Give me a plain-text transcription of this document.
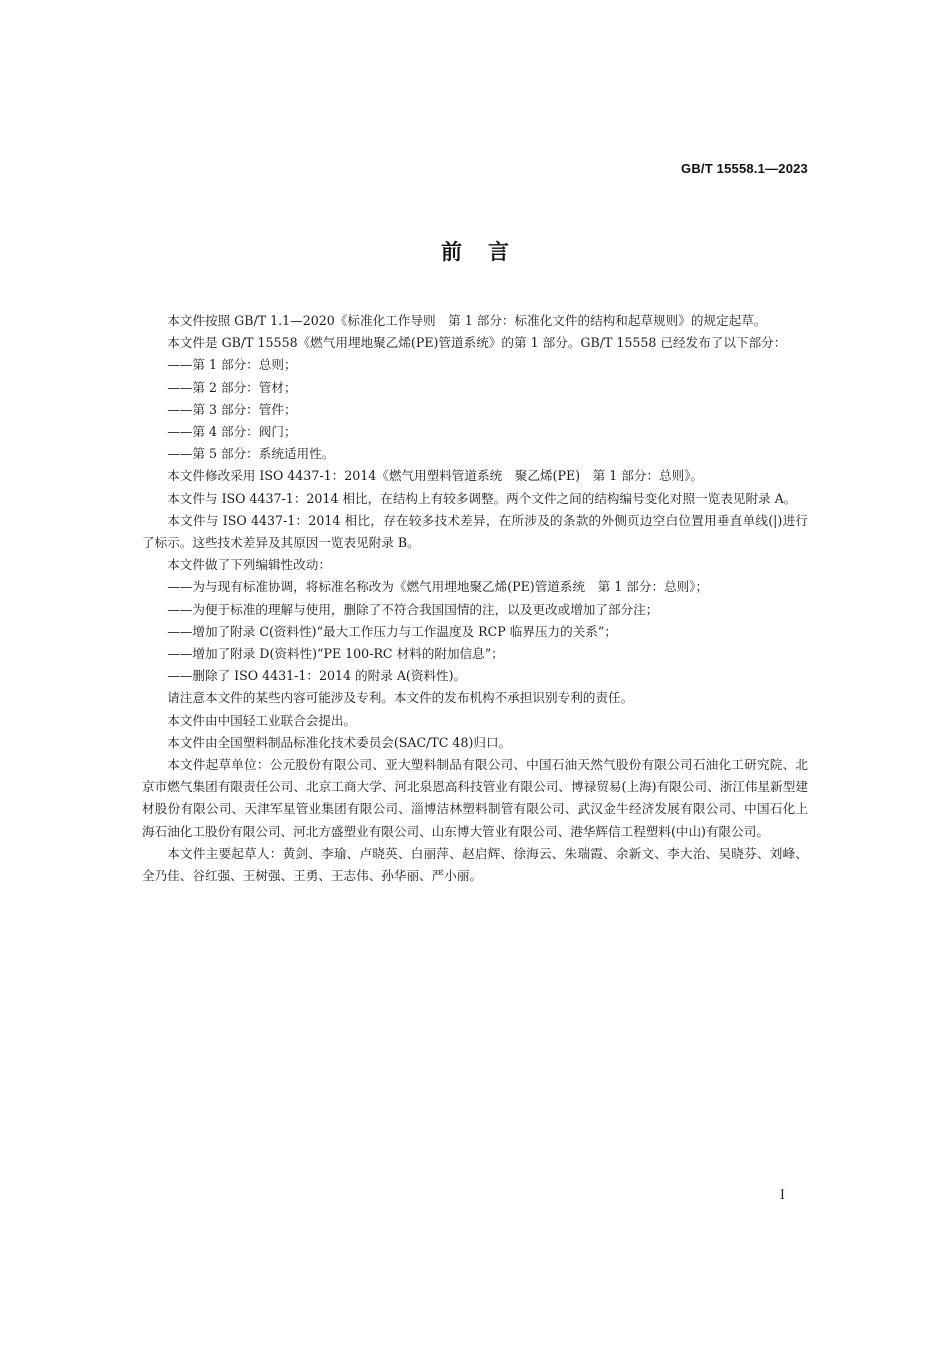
GB/T 15558.1—2023
前言

本文件按照 GB/T 1.1—2020《标准化工作导则　第 1 部分：标准化文件的结构和起草规则》的规定起草。

本文件是 GB/T 15558《燃气用埋地聚乙烯(PE)管道系统》的第 1 部分。GB/T 15558 已经发布了以下部分：

——第 1 部分：总则；

——第 2 部分：管材；

——第 3 部分：管件；

——第 4 部分：阀门；

——第 5 部分：系统适用性。

本文件修改采用 ISO 4437-1：2014《燃气用塑料管道系统　聚乙烯(PE)　第 1 部分：总则》。

本文件与 ISO 4437-1：2014 相比，在结构上有较多调整。两个文件之间的结构编号变化对照一览表见附录 A。

本文件与 ISO 4437-1：2014 相比，存在较多技术差异，在所涉及的条款的外侧页边空白位置用垂直单线(|)进行了标示。这些技术差异及其原因一览表见附录 B。

本文件做了下列编辑性改动：

——为与现有标准协调，将标准名称改为《燃气用埋地聚乙烯(PE)管道系统　第 1 部分：总则》；

——为便于标准的理解与使用，删除了不符合我国国情的注，以及更改或增加了部分注；

——增加了附录 C(资料性)“最大工作压力与工作温度及 RCP 临界压力的关系”；

——增加了附录 D(资料性)“PE 100-RC 材料的附加信息”；

——删除了 ISO 4431-1：2014 的附录 A(资料性)。

请注意本文件的某些内容可能涉及专利。本文件的发布机构不承担识别专利的责任。

本文件由中国轻工业联合会提出。

本文件由全国塑料制品标准化技术委员会(SAC/TC 48)归口。

本文件起草单位：公元股份有限公司、亚大塑料制品有限公司、中国石油天然气股份有限公司石油化工研究院、北京市燃气集团有限责任公司、北京工商大学、河北泉恩高科技管业有限公司、博禄贸易(上海)有限公司、浙江伟星新型建材股份有限公司、天津军星管业集团有限公司、淄博洁林塑料制管有限公司、武汉金牛经济发展有限公司、中国石化上海石油化工股份有限公司、河北方盛塑业有限公司、山东博大管业有限公司、港华辉信工程塑料(中山)有限公司。

本文件主要起草人：黄剑、李瑜、卢晓英、白丽萍、赵启辉、徐海云、朱瑞霞、余新文、李大治、吴晓芬、刘峰、全乃佳、谷红强、王树强、王勇、王志伟、孙华丽、严小丽。

I
